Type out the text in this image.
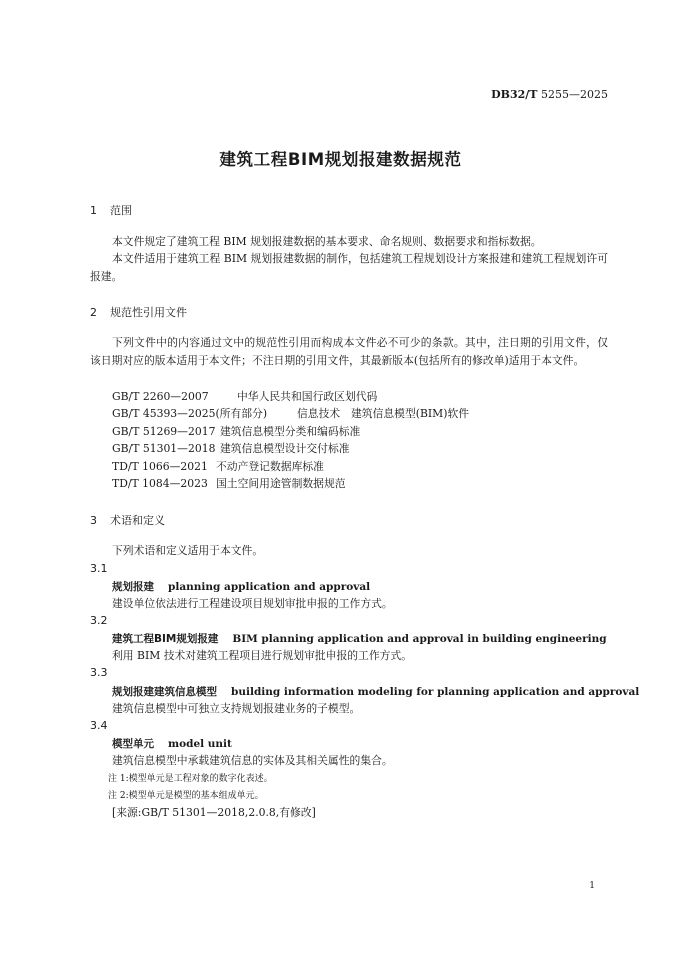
DB32/T 5255—2025
建筑工程BIM规划报建数据规范
1 范围
本文件规定了建筑工程 BIM 规划报建数据的基本要求、命名规则、数据要求和指标数据。
本文件适用于建筑工程 BIM 规划报建数据的制作，包括建筑工程规划设计方案报建和建筑工程规划许可报建。
2 规范性引用文件
下列文件中的内容通过文中的规范性引用而构成本文件必不可少的条款。其中，注日期的引用文件，仅该日期对应的版本适用于本文件；不注日期的引用文件，其最新版本(包括所有的修改单)适用于本文件。
GB/T 2260—2007	中华人民共和国行政区划代码
GB/T 45393—2025(所有部分)	信息技术　建筑信息模型(BIM)软件
GB/T 51269—2017 建筑信息模型分类和编码标准
GB/T 51301—2018 建筑信息模型设计交付标准
TD/T 1066—2021 不动产登记数据库标准
TD/T 1084—2023 国土空间用途管制数据规范
3 术语和定义
下列术语和定义适用于本文件。
3.1
规划报建 planning application and approval
建设单位依法进行工程建设项目规划审批申报的工作方式。
3.2
建筑工程BIM规划报建 BIM planning application and approval in building engineering
利用 BIM 技术对建筑工程项目进行规划审批申报的工作方式。
3.3
规划报建建筑信息模型 building information modeling for planning application and approval
建筑信息模型中可独立支持规划报建业务的子模型。
3.4
模型单元 model unit
建筑信息模型中承载建筑信息的实体及其相关属性的集合。
注 1:模型单元是工程对象的数字化表述。
注 2:模型单元是模型的基本组成单元。
[来源:GB/T 51301—2018,2.0.8,有修改]
1
